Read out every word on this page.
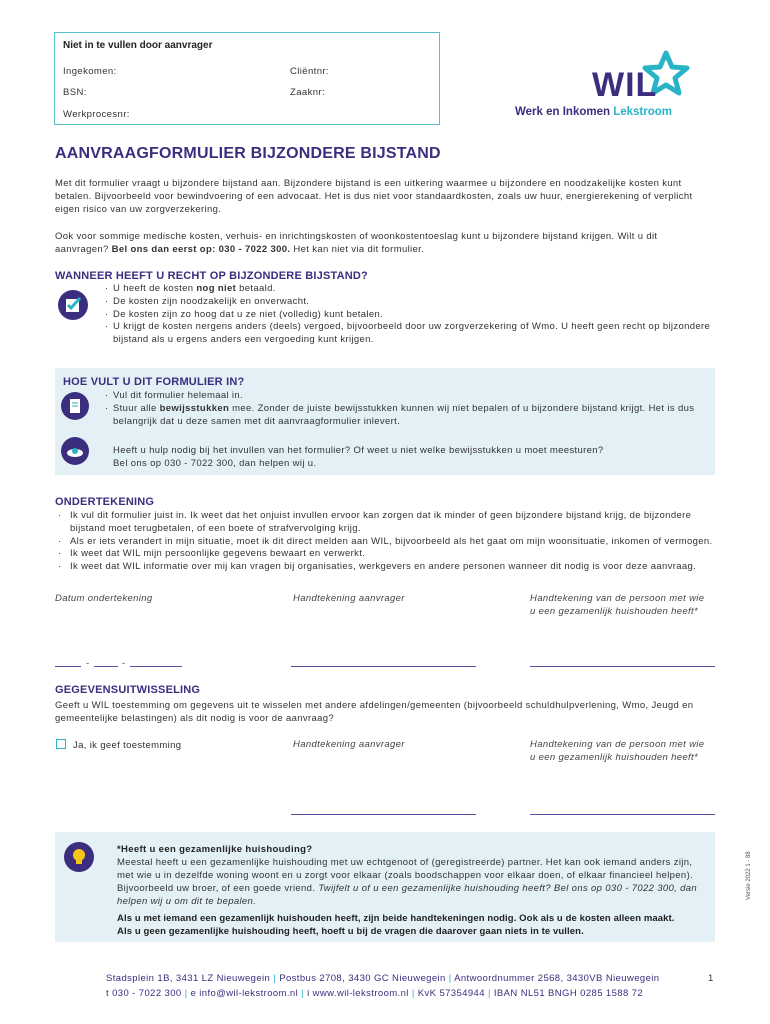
Niet in te vullen door aanvrager
Ingekomen:	Cliëntnr:
BSN:	Zaaknr:
Werkprocesnr:
WIL
Werk en Inkomen Lekstroom
AANVRAAGFORMULIER BIJZONDERE BIJSTAND
Met dit formulier vraagt u bijzondere bijstand aan. Bijzondere bijstand is een uitkering waarmee u bijzondere en noodzakelijke kosten kunt betalen. Bijvoorbeeld voor bewindvoering of een advocaat. Het is dus niet voor standaardkosten, zoals uw huur, energierekening of verplicht eigen risico van uw zorgverzekering.
Ook voor sommige medische kosten, verhuis- en inrichtingskosten of woonkostentoeslag kunt u bijzondere bijstand krijgen. Wilt u dit aanvragen? Bel ons dan eerst op: 030 - 7022 300. Het kan niet via dit formulier.
WANNEER HEEFT U RECHT OP BIJZONDERE BIJSTAND?
· U heeft de kosten nog niet betaald.
· De kosten zijn noodzakelijk en onverwacht.
· De kosten zijn zo hoog dat u ze niet (volledig) kunt betalen.
· U krijgt de kosten nergens anders (deels) vergoed, bijvoorbeeld door uw zorgverzekering of Wmo. U heeft geen recht op bijzondere bijstand als u ergens anders een vergoeding kunt krijgen.
HOE VULT U DIT FORMULIER IN?
· Vul dit formulier helemaal in.
· Stuur alle bewijsstukken mee. Zonder de juiste bewijsstukken kunnen wij niet bepalen of u bijzondere bijstand krijgt. Het is dus belangrijk dat u deze samen met dit aanvraagformulier inlevert.
Heeft u hulp nodig bij het invullen van het formulier? Of weet u niet welke bewijsstukken u moet meesturen?
Bel ons op 030 - 7022 300, dan helpen wij u.
ONDERTEKENING
· Ik vul dit formulier juist in. Ik weet dat het onjuist invullen ervoor kan zorgen dat ik minder of geen bijzondere bijstand krijg, de bijzondere bijstand moet terugbetalen, of een boete of strafvervolging krijg.
· Als er iets verandert in mijn situatie, moet ik dit direct melden aan WIL, bijvoorbeeld als het gaat om mijn woonsituatie, inkomen of vermogen.
· Ik weet dat WIL mijn persoonlijke gegevens bewaart en verwerkt.
· Ik weet dat WIL informatie over mij kan vragen bij organisaties, werkgevers en andere personen wanneer dit nodig is voor deze aanvraag.
Datum ondertekening	Handtekening aanvrager	Handtekening van de persoon met wie
u een gezamenlijk huishouden heeft*
-	-
GEGEVENSUITWISSELING
Geeft u WIL toestemming om gegevens uit te wisselen met andere afdelingen/gemeenten (bijvoorbeeld schuldhulpverlening, Wmo, Jeugd en gemeentelijke belastingen) als dit nodig is voor de aanvraag?
Ja, ik geef toestemming	Handtekening aanvrager	Handtekening van de persoon met wie
u een gezamenlijk huishouden heeft*
*Heeft u een gezamenlijke huishouding?
Meestal heeft u een gezamenlijke huishouding met uw echtgenoot of (geregistreerde) partner. Het kan ook iemand anders zijn, met wie u in dezelfde woning woont en u zorgt voor elkaar (zoals boodschappen voor elkaar doen, of elkaar financieel helpen). Bijvoorbeeld uw broer, of een goede vriend. Twijfelt u of u een gezamenlijke huishouding heeft? Bel ons op 030 - 7022 300, dan helpen wij u om dit te bepalen.
Als u met iemand een gezamenlijk huishouden heeft, zijn beide handtekeningen nodig. Ook als u de kosten alleen maakt.
Als u geen gezamenlijke huishouding heeft, hoeft u bij de vragen die daarover gaan niets in te vullen.
Versie 2022 1 - 88
Stadsplein 1B, 3431 LZ Nieuwegein | Postbus 2708, 3430 GC Nieuwegein | Antwoordnummer 2568, 3430VB Nieuwegein
t 030 - 7022 300 | e info@wil-lekstroom.nl | i www.wil-lekstroom.nl | KvK 57354944 | IBAN NL51 BNGH 0285 1588 72
1
